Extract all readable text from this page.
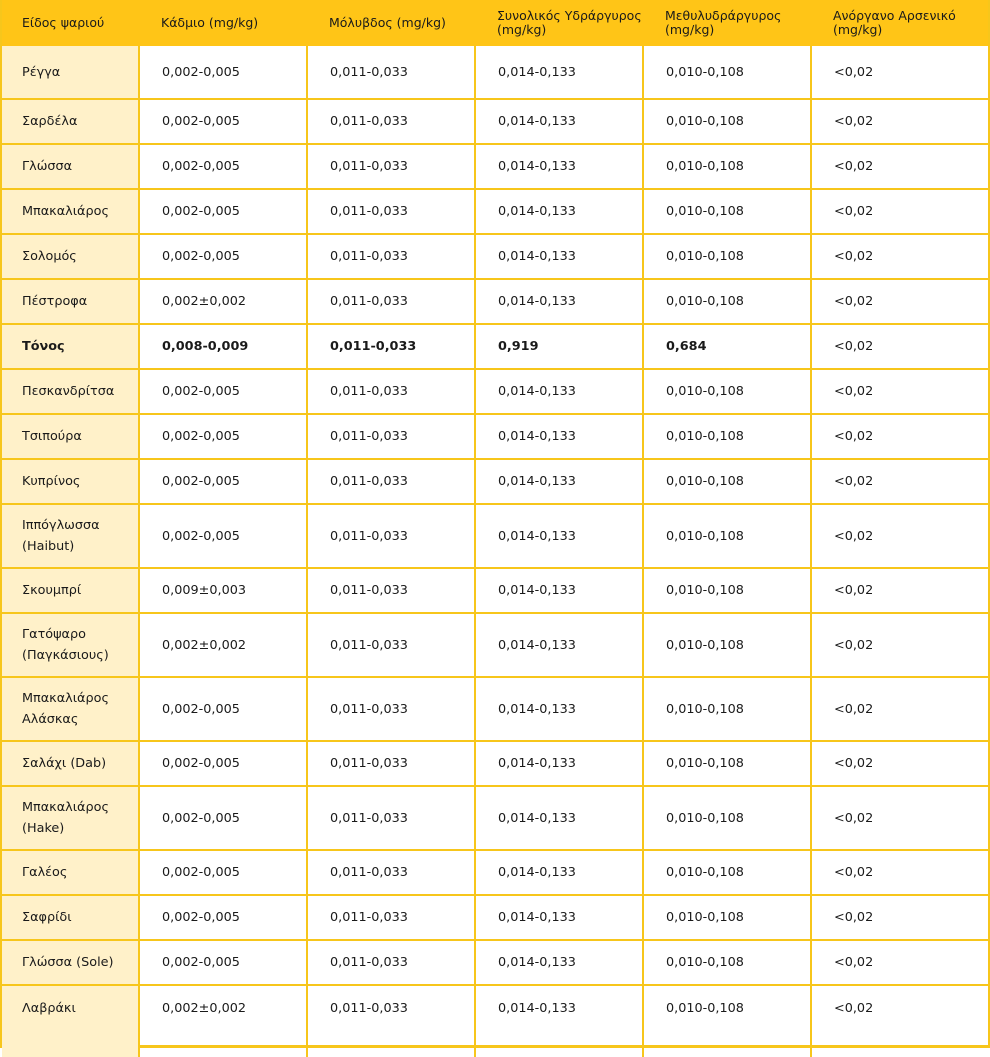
Είδος ψαριού	Κάδμιο (mg/kg)	Μόλυβδος (mg/kg)	Συνολικός Υδράργυρος (mg/kg)	Μεθυλυδράργυρος (mg/kg)	Ανόργανο Αρσενικό (mg/kg)
Ρέγγα	0,002-0,005	0,011-0,033	0,014-0,133	0,010-0,108	<0,02
Σαρδέλα	0,002-0,005	0,011-0,033	0,014-0,133	0,010-0,108	<0,02
Γλώσσα	0,002-0,005	0,011-0,033	0,014-0,133	0,010-0,108	<0,02
Μπακαλιάρος	0,002-0,005	0,011-0,033	0,014-0,133	0,010-0,108	<0,02
Σολομός	0,002-0,005	0,011-0,033	0,014-0,133	0,010-0,108	<0,02
Πέστροφα	0,002±0,002	0,011-0,033	0,014-0,133	0,010-0,108	<0,02
Τόνος	0,008-0,009	0,011-0,033	0,919	0,684	<0,02
Πεσκανδρίτσα	0,002-0,005	0,011-0,033	0,014-0,133	0,010-0,108	<0,02
Τσιπούρα	0,002-0,005	0,011-0,033	0,014-0,133	0,010-0,108	<0,02
Κυπρίνος	0,002-0,005	0,011-0,033	0,014-0,133	0,010-0,108	<0,02
Ιππόγλωσσα (Haibut)	0,002-0,005	0,011-0,033	0,014-0,133	0,010-0,108	<0,02
Σκουμπρί	0,009±0,003	0,011-0,033	0,014-0,133	0,010-0,108	<0,02
Γατόψαρο (Παγκάσιους)	0,002±0,002	0,011-0,033	0,014-0,133	0,010-0,108	<0,02
Μπακαλιάρος Αλάσκας	0,002-0,005	0,011-0,033	0,014-0,133	0,010-0,108	<0,02
Σαλάχι (Dab)	0,002-0,005	0,011-0,033	0,014-0,133	0,010-0,108	<0,02
Μπακαλιάρος (Hake)	0,002-0,005	0,011-0,033	0,014-0,133	0,010-0,108	<0,02
Γαλέος	0,002-0,005	0,011-0,033	0,014-0,133	0,010-0,108	<0,02
Σαφρίδι	0,002-0,005	0,011-0,033	0,014-0,133	0,010-0,108	<0,02
Γλώσσα (Sole)	0,002-0,005	0,011-0,033	0,014-0,133	0,010-0,108	<0,02
Λαβράκι	0,002±0,002	0,011-0,033	0,014-0,133	0,010-0,108	<0,02
